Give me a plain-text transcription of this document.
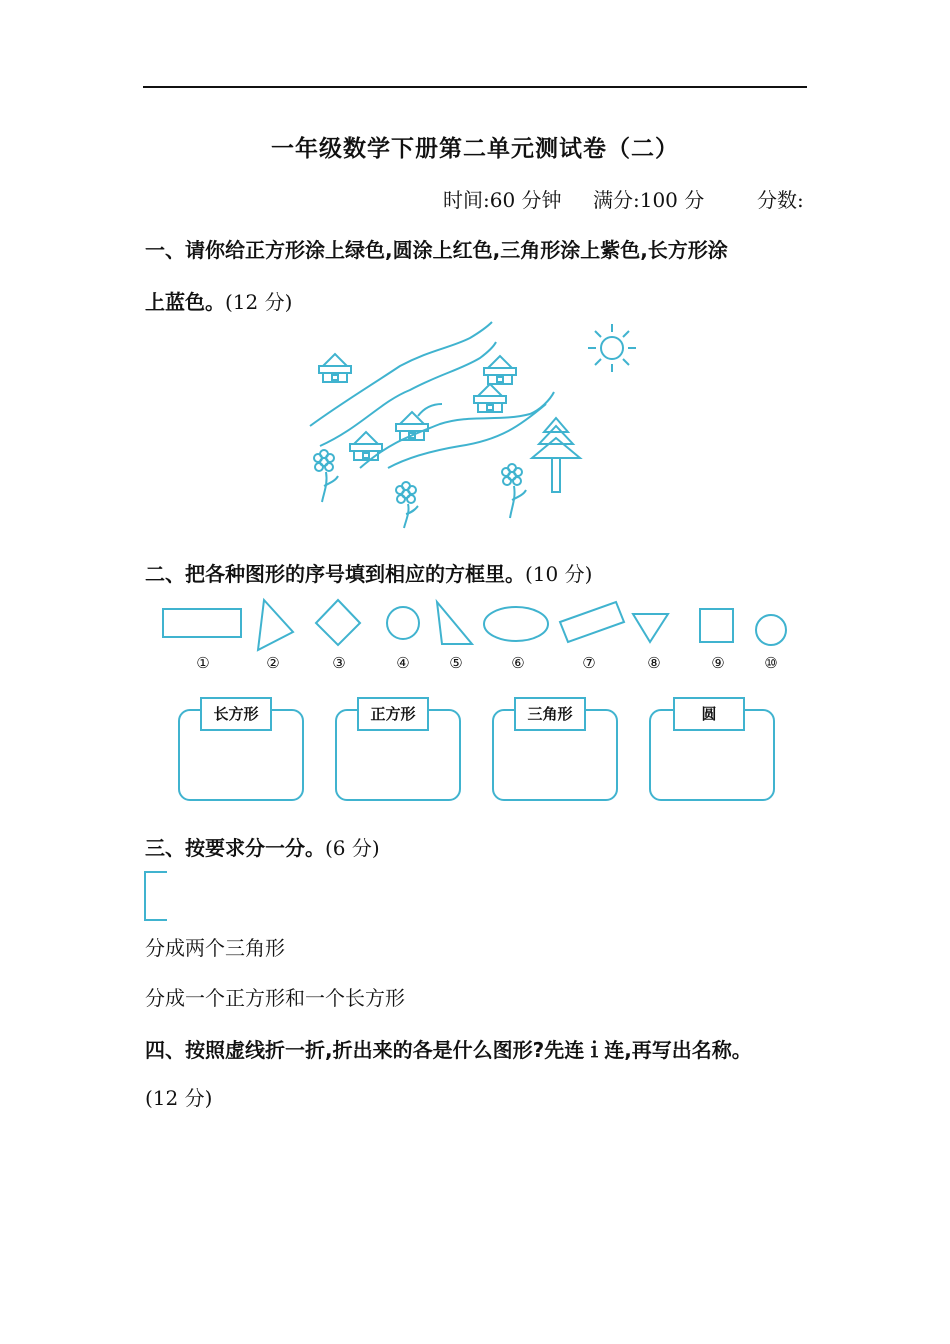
一年级数学下册第二单元测试卷（二）
时间:60 分钟 满分:100 分	分数:
一、请你给正方形涂上绿色,圆涂上红色,三角形涂上紫色,长方形涂
上蓝色。(12 分)
二、把各种图形的序号填到相应的方框里。(10 分)
①	②	③	④	⑤	⑥	⑦	⑧	⑨	⑩
长方形	正方形	三角形	圆
三、按要求分一分。(6 分)
分成两个三角形
分成一个正方形和一个长方形
四、按照虚线折一折,折出来的各是什么图形?先连ｉ连,再写出名称。
(12 分)
